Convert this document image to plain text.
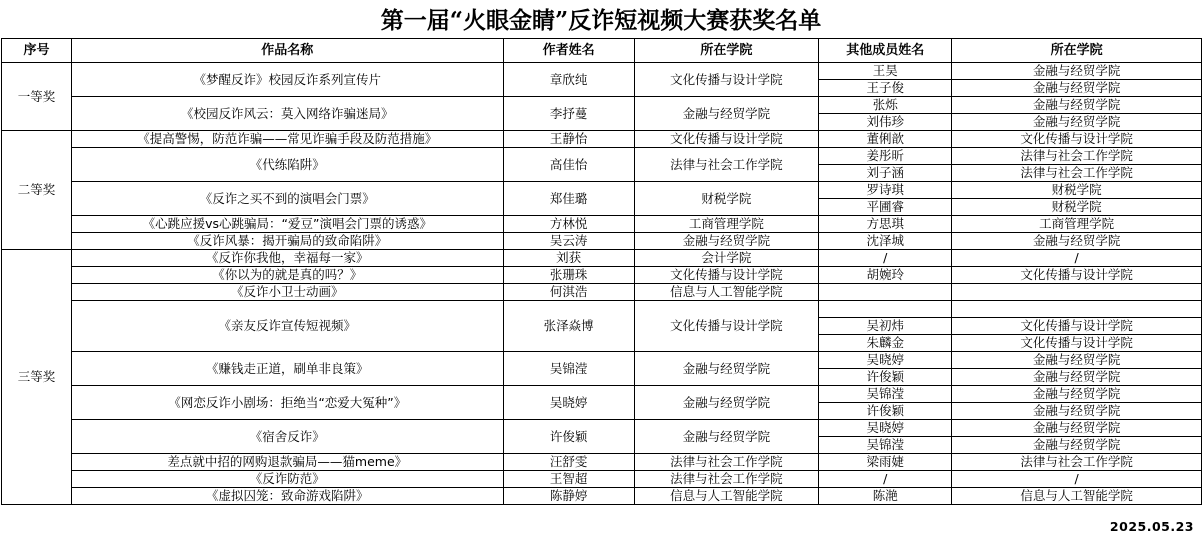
第一届“火眼金睛”反诈短视频大赛获奖名单
序号	作品名称	作者姓名	所在学院	其他成员姓名	所在学院
一等奖	《梦醒反诈》校园反诈系列宣传片	章欣纯	文化传播与设计学院	王昊	金融与经贸学院
				王子俊	金融与经贸学院
	《校园反诈风云：莫入网络诈骗迷局》	李抒蔓	金融与经贸学院	张烁	金融与经贸学院
				刘伟珍	金融与经贸学院
二等奖	《提高警惕，防范诈骗——常见诈骗手段及防范措施》	王静怡	文化传播与设计学院	董俐歆	文化传播与设计学院
	《代练陷阱》	高佳怡	法律与社会工作学院	姜彤昕	法律与社会工作学院
				刘子涵	法律与社会工作学院
	《反诈之买不到的演唱会门票》	郑佳璐	财税学院	罗诗琪	财税学院
				平圃睿	财税学院
	《心跳应援vs心跳骗局：“爱豆”演唱会门票的诱惑》	方林悦	工商管理学院	方思琪	工商管理学院
	《反诈风暴：揭开骗局的致命陷阱》	吴云涛	金融与经贸学院	沈泽城	金融与经贸学院
三等奖	《反诈你我他，幸福每一家》	刘获	会计学院	/	/
	《你以为的就是真的吗？》	张珊珠	文化传播与设计学院	胡婉玲	文化传播与设计学院
	《反诈小卫士动画》	何淇浩	信息与人工智能学院		
	《亲友反诈宣传短视频》	张泽焱博	文化传播与设计学院		
				吴初炜	文化传播与设计学院
				朱麟金	文化传播与设计学院
	《赚钱走正道，刷单非良策》	吴锦滢	金融与经贸学院	吴晓婷	金融与经贸学院
				许俊颖	金融与经贸学院
	《网恋反诈小剧场：拒绝当“恋爱大冤种”》	吴晓婷	金融与经贸学院	吴锦滢	金融与经贸学院
				许俊颖	金融与经贸学院
	《宿舍反诈》	许俊颖	金融与经贸学院	吴晓婷	金融与经贸学院
				吴锦滢	金融与经贸学院
	差点就中招的网购退款骗局——猫meme》	汪舒雯	法律与社会工作学院	梁雨婕	法律与社会工作学院
	《反诈防范》	王智超	法律与社会工作学院	/	/
	《虚拟囚笼：致命游戏陷阱》	陈静婷	信息与人工智能学院	陈滟	信息与人工智能学院
2025.05.23
